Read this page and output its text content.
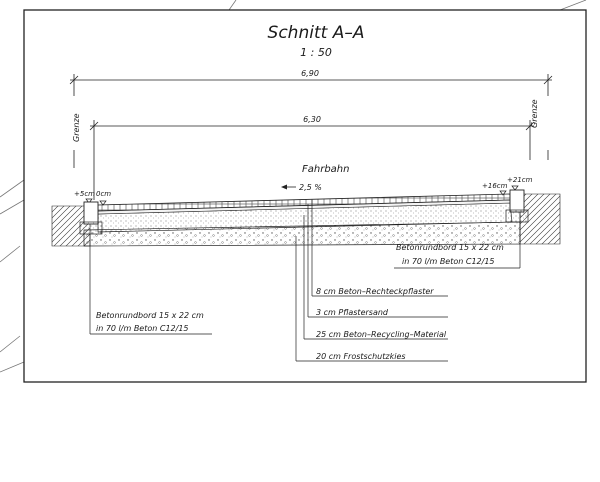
Schnitt A–A
1 : 50
6,90
6,30
Grenze	Grenze
Fahrbahn
2,5 %
+5cm 0cm
+16cm
+21cm
8 cm Beton–Rechteckpflaster
3 cm Pflastersand
25 cm Beton–Recycling–Material
20 cm Frostschutzkies
Betonrundbord 15 x 22 cm
in 70 l/m Beton C12/15
Betonrundbord 15 x 22 cm
in 70 l/m Beton C12/15
